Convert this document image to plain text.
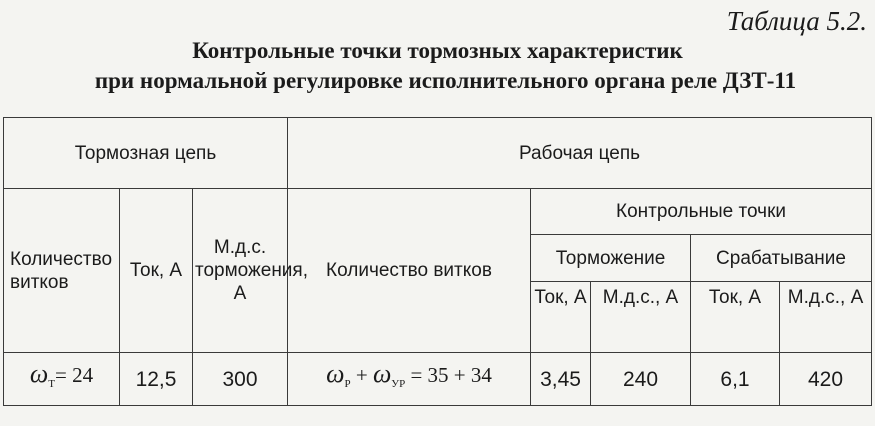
Таблица 5.2.
Контрольные точки тормозных характеристик
при нормальной регулировке исполнительного органа реле ДЗТ-11
Тормозная цепь			Рабочая цепь				
Количество витков	Ток, А	М.д.с. торможения, А	Количество витков	Контрольные точки			
				Торможение		Срабатывание	
				Ток, А	М.д.с., А	Ток, А	М.д.с., А
$\omega_Т= 24$	12,5	300	$\omega_Р + \omega_{УР} = 35 + 34$	3,45	240	6,1	420
